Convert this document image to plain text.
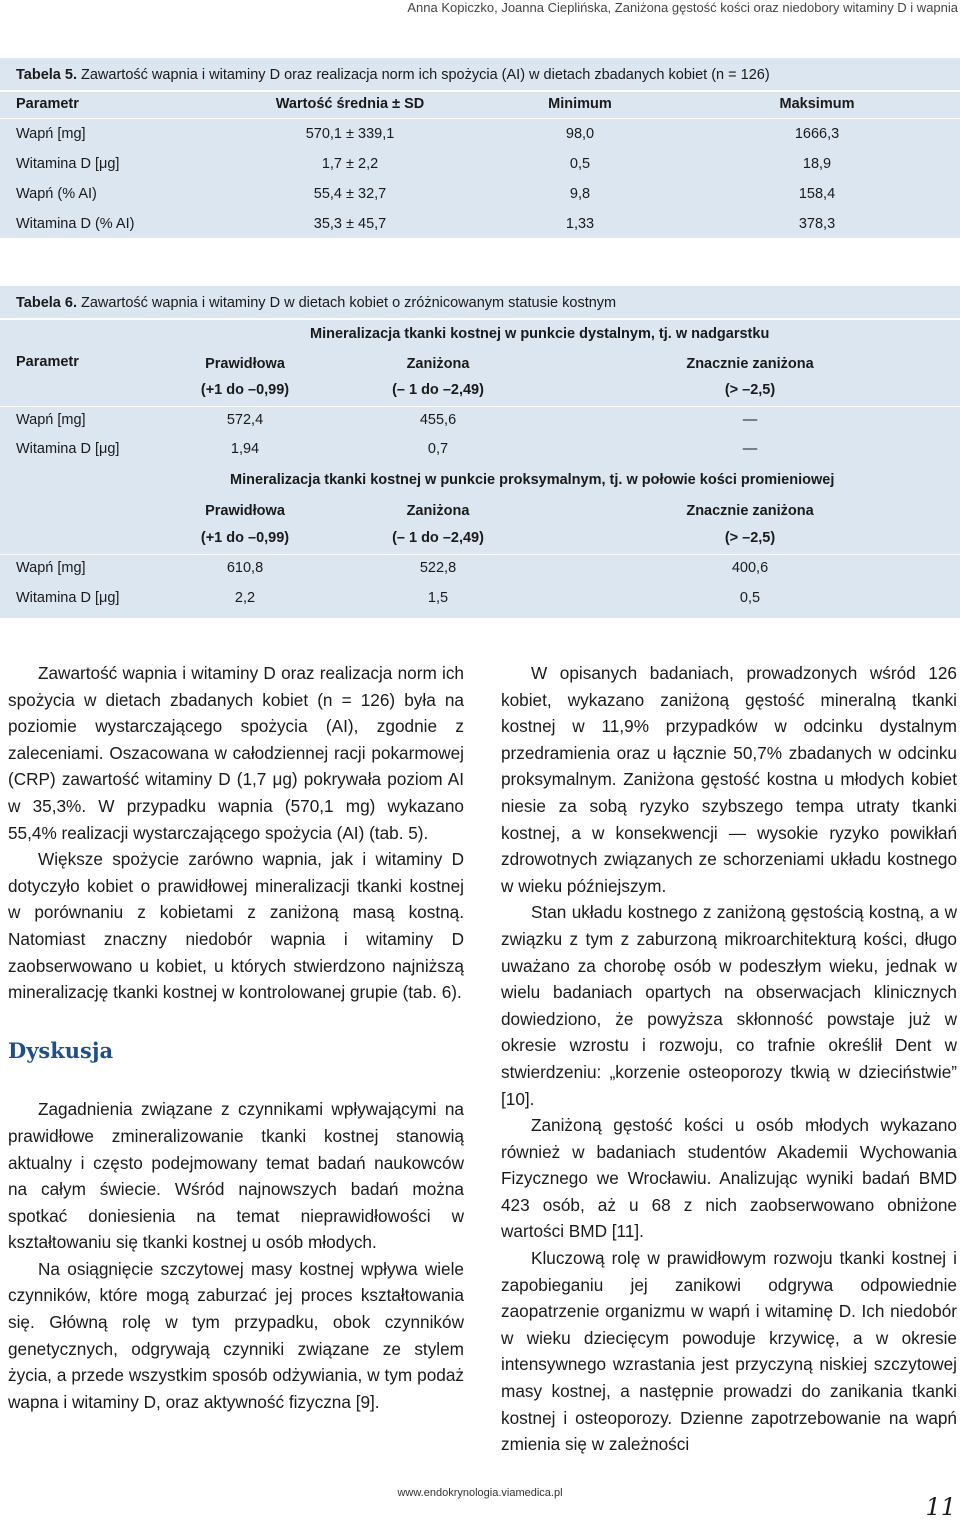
Anna Kopiczko, Joanna Cieplińska, Zaniżona gęstość kości oraz niedobory witaminy D i wapnia
Tabela 5. Zawartość wapnia i witaminy D oraz realizacja norm ich spożycia (AI) w dietach zbadanych kobiet (n = 126)
Parametr	Wartość średnia ± SD	Minimum	Maksimum
Wapń [mg]	570,1 ± 339,1	98,0	1666,3
Witamina D [μg]	1,7 ± 2,2	0,5	18,9
Wapń (% AI)	55,4 ± 32,7	9,8	158,4
Witamina D (% AI)	35,3 ± 45,7	1,33	378,3
Tabela 6. Zawartość wapnia i witaminy D w dietach kobiet o zróżnicowanym statusie kostnym
Mineralizacja tkanki kostnej w punkcie dystalnym, tj. w nadgarstku
Parametr	Prawidłowa	Zaniżona	Znacznie zaniżona
(+1 do –0,99)	(– 1 do –2,49)	(> –2,5)
Wapń [mg]	572,4	455,6	—
Witamina D [μg]	1,94	0,7	—
Mineralizacja tkanki kostnej w punkcie proksymalnym, tj. w połowie kości promieniowej
Prawidłowa	Zaniżona	Znacznie zaniżona
(+1 do –0,99)	(– 1 do –2,49)	(> –2,5)
Wapń [mg]	610,8	522,8	400,6
Witamina D [μg]	2,2	1,5	0,5

Zawartość wapnia i witaminy D oraz realizacja norm ich spożycia w dietach zbadanych kobiet (n = 126) była na poziomie wystarczającego spożycia (AI), zgodnie z zaleceniami. Oszacowana w całodziennej racji pokarmowej (CRP) zawartość witaminy D (1,7 μg) pokrywała poziom AI w 35,3%. W przypadku wapnia (570,1 mg) wykazano 55,4% realizacji wystarczającego spożycia (AI) (tab. 5).

Większe spożycie zarówno wapnia, jak i witaminy D dotyczyło kobiet o prawidłowej mineralizacji tkanki kostnej w porównaniu z kobietami z zaniżoną masą kostną. Natomiast znaczny niedobór wapnia i witaminy D zaobserwowano u kobiet, u których stwierdzono najniższą mineralizację tkanki kostnej w kontrolowanej grupie (tab. 6).

Dyskusja

Zagadnienia związane z czynnikami wpływającymi na prawidłowe zmineralizowanie tkanki kostnej stanowią aktualny i często podejmowany temat badań naukowców na całym świecie. Wśród najnowszych badań można spotkać doniesienia na temat nieprawidłowości w kształtowaniu się tkanki kostnej u osób młodych.

Na osiągnięcie szczytowej masy kostnej wpływa wiele czynników, które mogą zaburzać jej proces kształtowania się. Główną rolę w tym przypadku, obok czynników genetycznych, odgrywają czynniki związane ze stylem życia, a przede wszystkim sposób odżywiania, w tym podaż wapna i witaminy D, oraz aktywność fizyczna [9].

W opisanych badaniach, prowadzonych wśród 126 kobiet, wykazano zaniżoną gęstość mineralną tkanki kostnej w 11,9% przypadków w odcinku dystalnym przedramienia oraz u łącznie 50,7% zbadanych w odcinku proksymalnym. Zaniżona gęstość kostna u młodych kobiet niesie za sobą ryzyko szybszego tempa utraty tkanki kostnej, a w konsekwencji — wysokie ryzyko powikłań zdrowotnych związanych ze schorzeniami układu kostnego w wieku późniejszym.

Stan układu kostnego z zaniżoną gęstością kostną, a w związku z tym z zaburzoną mikroarchitekturą kości, długo uważano za chorobę osób w podeszłym wieku, jednak w wielu badaniach opartych na obserwacjach klinicznych dowiedziono, że powyższa skłonność powstaje już w okresie wzrostu i rozwoju, co trafnie określił Dent w stwierdzeniu: „korzenie osteoporozy tkwią w dzieciństwie” [10].

Zaniżoną gęstość kości u osób młodych wykazano również w badaniach studentów Akademii Wychowania Fizycznego we Wrocławiu. Analizując wyniki badań BMD 423 osób, aż u 68 z nich zaobserwowano obniżone wartości BMD [11].

Kluczową rolę w prawidłowym rozwoju tkanki kostnej i zapobieganiu jej zanikowi odgrywa odpowiednie zaopatrzenie organizmu w wapń i witaminę D. Ich niedobór w wieku dziecięcym powoduje krzywicę, a w okresie intensywnego wzrastania jest przyczyną niskiej szczytowej masy kostnej, a następnie prowadzi do zanikania tkanki kostnej i osteoporozy. Dzienne zapotrzebowanie na wapń zmienia się w zależności

www.endokrynologia.viamedica.pl	11
